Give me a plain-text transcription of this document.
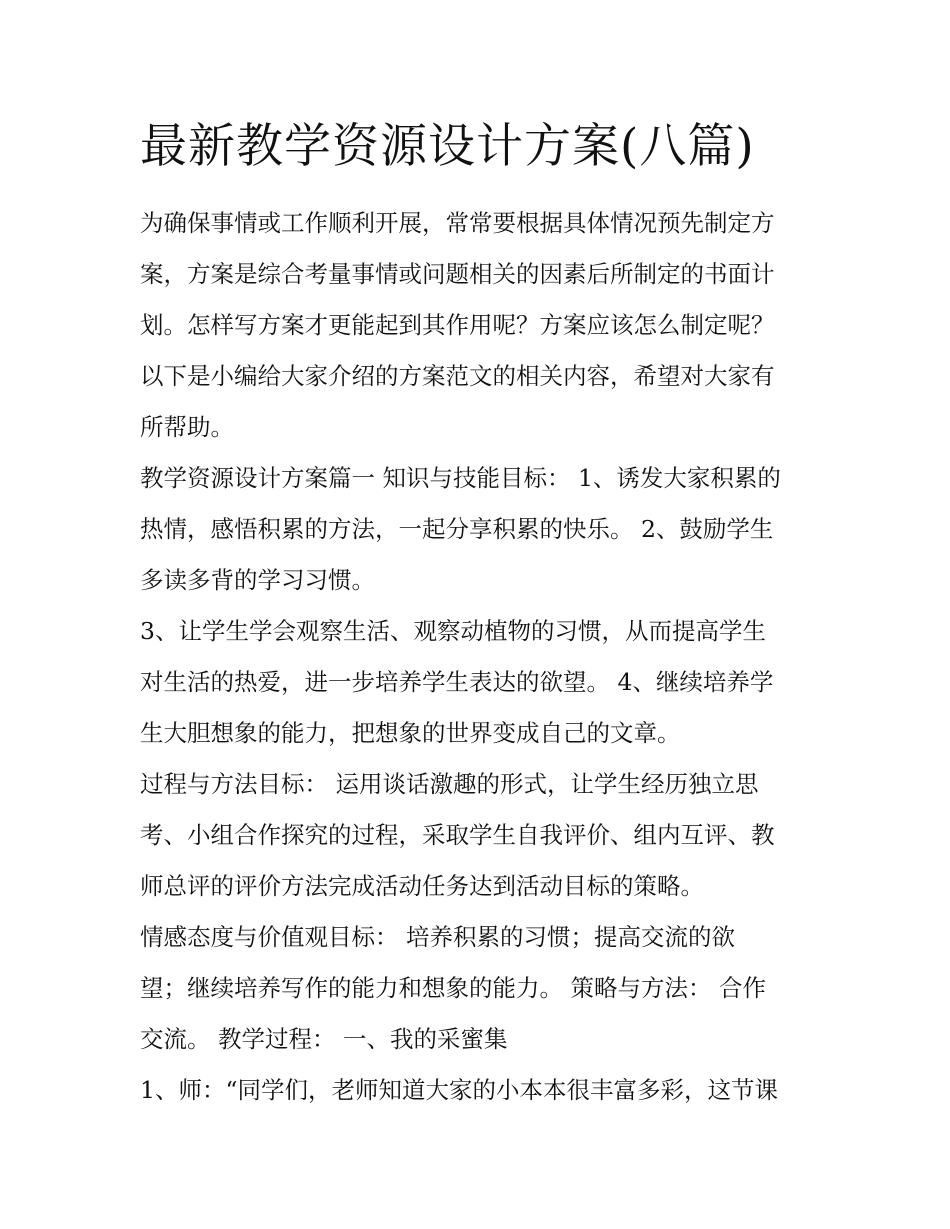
最新教学资源设计方案(八篇)
为确保事情或工作顺利开展，常常要根据具体情况预先制定方
案，方案是综合考量事情或问题相关的因素后所制定的书面计
划。怎样写方案才更能起到其作用呢？方案应该怎么制定呢？
以下是小编给大家介绍的方案范文的相关内容，希望对大家有
所帮助。
教学资源设计方案篇一 知识与技能目标： 1、诱发大家积累的
热情，感悟积累的方法，一起分享积累的快乐。 2、鼓励学生
多读多背的学习习惯。
3、让学生学会观察生活、观察动植物的习惯，从而提高学生
对生活的热爱，进一步培养学生表达的欲望。 4、继续培养学
生大胆想象的能力，把想象的世界变成自己的文章。
过程与方法目标： 运用谈话激趣的形式，让学生经历独立思
考、小组合作探究的过程，采取学生自我评价、组内互评、教
师总评的评价方法完成活动任务达到活动目标的策略。
情感态度与价值观目标： 培养积累的习惯；提高交流的欲
望；继续培养写作的能力和想象的能力。 策略与方法： 合作
交流。 教学过程： 一、我的采蜜集
1、师：“同学们，老师知道大家的小本本很丰富多彩，这节课
